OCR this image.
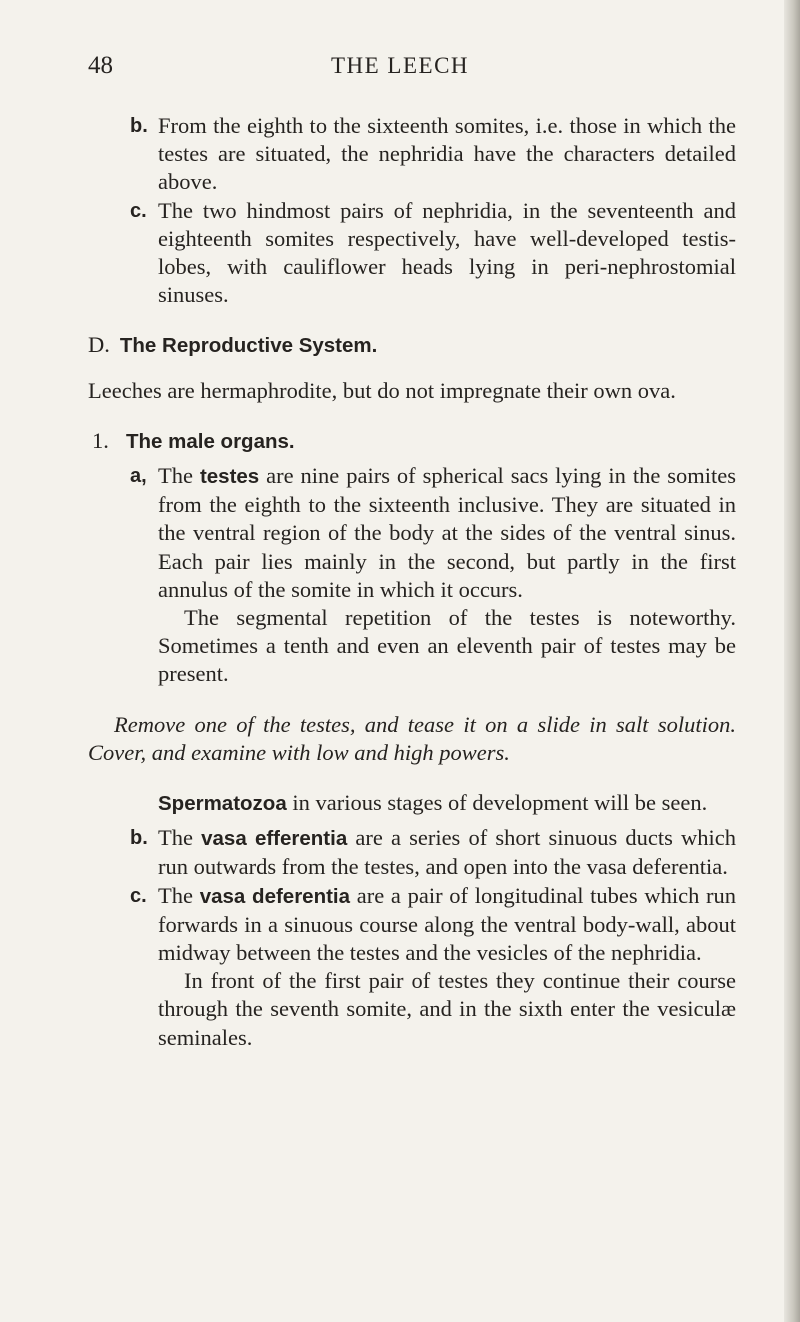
48	THE LEECH
b. From the eighth to the sixteenth somites, i.e. those in which the testes are situated, the nephridia have the characters detailed above.

c. The two hindmost pairs of nephridia, in the seventeenth and eighteenth somites respectively, have well-developed testis-lobes, with cauliflower heads lying in peri-nephrostomial sinuses.

D. The Reproductive System.

Leeches are hermaphrodite, but do not impregnate their own ova.

1. The male organs.
a, The testes are nine pairs of spherical sacs lying in the somites from the eighth to the sixteenth inclusive. They are situated in the ventral region of the body at the sides of the ventral sinus. Each pair lies mainly in the second, but partly in the first annulus of the somite in which it occurs.

The segmental repetition of the testes is noteworthy. Sometimes a tenth and even an eleventh pair of testes may be present.

Remove one of the testes, and tease it on a slide in salt solution. Cover, and examine with low and high powers.

Spermatozoa in various stages of development will be seen.

b. The vasa efferentia are a series of short sinuous ducts which run outwards from the testes, and open into the vasa deferentia.

c. The vasa deferentia are a pair of longitudinal tubes which run forwards in a sinuous course along the ventral body-wall, about midway between the testes and the vesicles of the nephridia.

In front of the first pair of testes they continue their course through the seventh somite, and in the sixth enter the vesiculæ seminales.
